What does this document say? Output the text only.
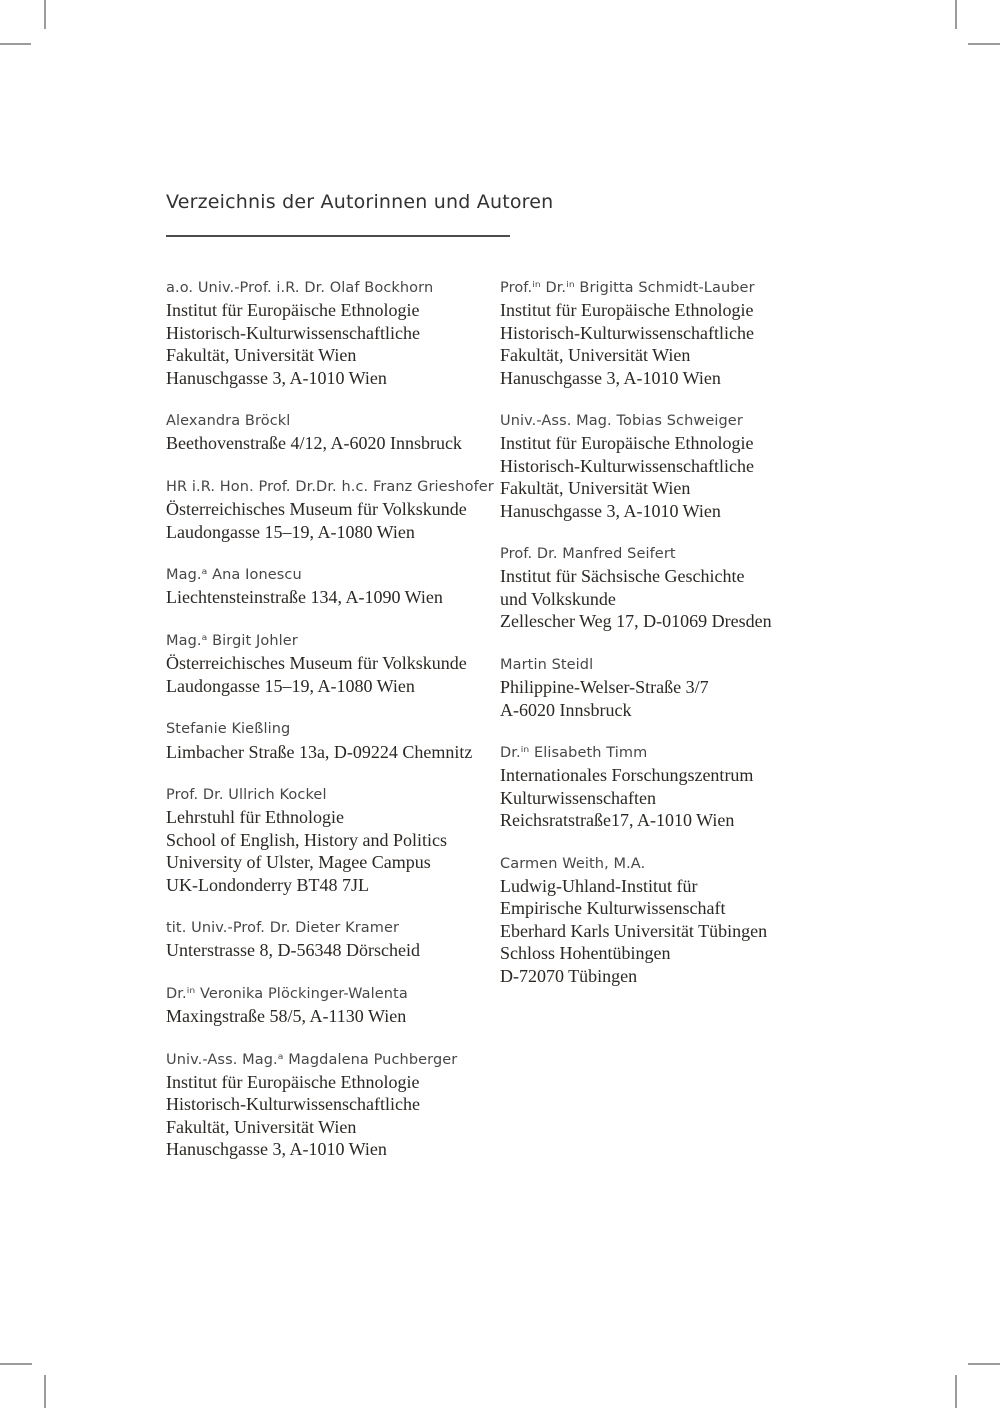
Verzeichnis der Autorinnen und Autoren
a.o. Univ.-Prof. i.R. Dr. Olaf Bockhorn
Institut für Europäische Ethnologie
Historisch-Kulturwissenschaftliche
Fakultät, Universität Wien
Hanuschgasse 3, A-1010 Wien
Alexandra Bröckl
Beethovenstraße 4/12, A-6020 Innsbruck
HR i.R. Hon. Prof. Dr.Dr. h.c. Franz Grieshofer
Österreichisches Museum für Volkskunde
Laudongasse 15–19, A-1080 Wien
Mag.ᵃ Ana Ionescu
Liechtensteinstraße 134, A-1090 Wien
Mag.ᵃ Birgit Johler
Österreichisches Museum für Volkskunde
Laudongasse 15–19, A-1080 Wien
Stefanie Kießling
Limbacher Straße 13a, D-09224 Chemnitz
Prof. Dr. Ullrich Kockel
Lehrstuhl für Ethnologie
School of English, History and Politics
University of Ulster, Magee Campus
UK-Londonderry BT48 7JL
tit. Univ.-Prof. Dr. Dieter Kramer
Unterstrasse 8, D-56348 Dörscheid
Dr.ⁱⁿ Veronika Plöckinger-Walenta
Maxingstraße 58/5, A-1130 Wien
Univ.-Ass. Mag.ᵃ Magdalena Puchberger
Institut für Europäische Ethnologie
Historisch-Kulturwissenschaftliche
Fakultät, Universität Wien
Hanuschgasse 3, A-1010 Wien
Prof.ⁱⁿ Dr.ⁱⁿ Brigitta Schmidt-Lauber
Institut für Europäische Ethnologie
Historisch-Kulturwissenschaftliche
Fakultät, Universität Wien
Hanuschgasse 3, A-1010 Wien
Univ.-Ass. Mag. Tobias Schweiger
Institut für Europäische Ethnologie
Historisch-Kulturwissenschaftliche
Fakultät, Universität Wien
Hanuschgasse 3, A-1010 Wien
Prof. Dr. Manfred Seifert
Institut für Sächsische Geschichte
und Volkskunde
Zellescher Weg 17, D-01069 Dresden
Martin Steidl
Philippine-Welser-Straße 3/7
A-6020 Innsbruck
Dr.ⁱⁿ Elisabeth Timm
Internationales Forschungszentrum
Kulturwissenschaften
Reichsratstraße17, A-1010 Wien
Carmen Weith, M.A.
Ludwig-Uhland-Institut für
Empirische Kulturwissenschaft
Eberhard Karls Universität Tübingen
Schloss Hohentübingen
D-72070 Tübingen
